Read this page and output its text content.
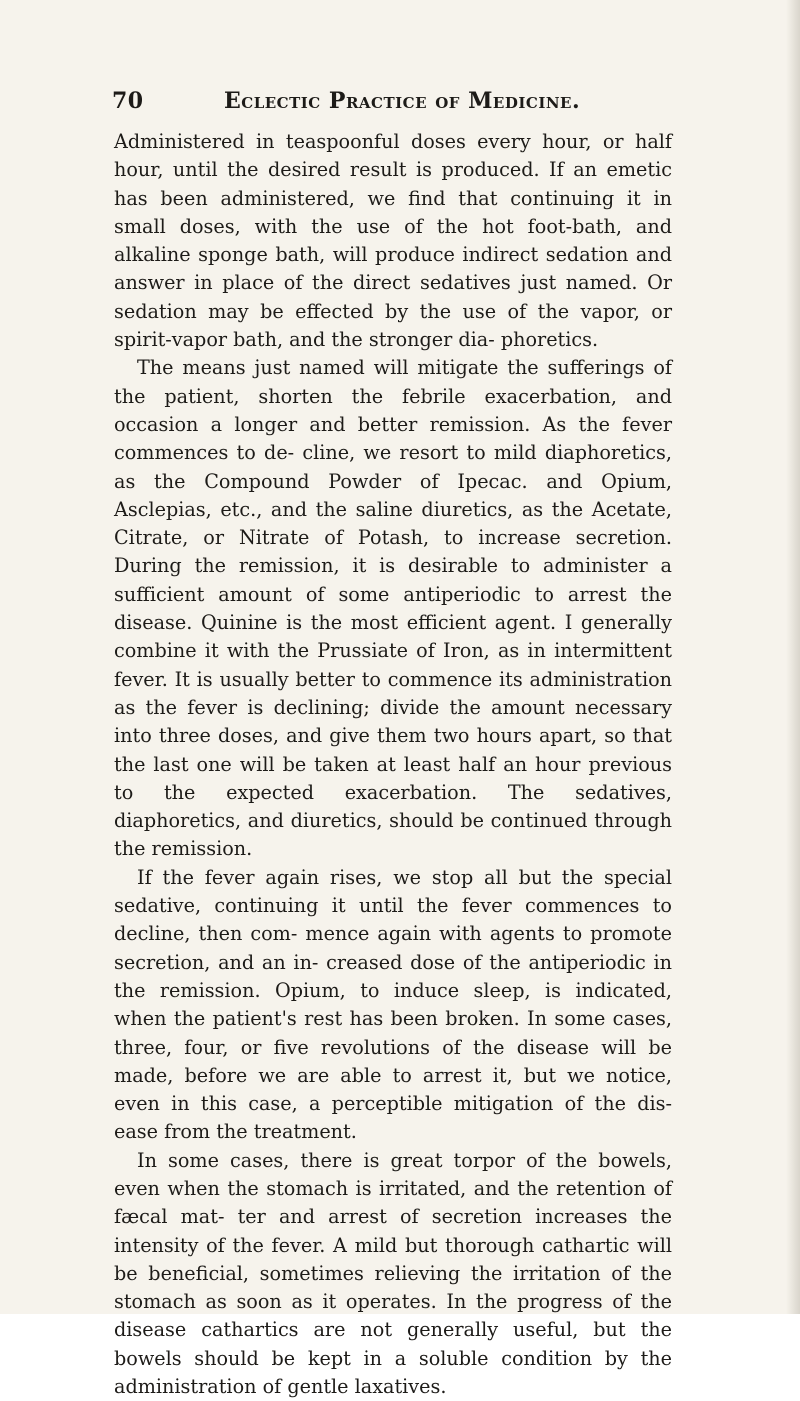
70	Eclectic Practice of Medicine.

Administered in teaspoonful doses every hour, or half hour, until the desired result is produced. If an emetic has been administered, we find that continuing it in small doses, with the use of the hot foot-bath, and alkaline sponge bath, will produce indirect sedation and answer in place of the direct sedatives just named. Or sedation may be effected by the use of the vapor, or spirit-vapor bath, and the stronger dia- phoretics.

The means just named will mitigate the sufferings of the patient, shorten the febrile exacerbation, and occasion a longer and better remission. As the fever commences to de- cline, we resort to mild diaphoretics, as the Compound Powder of Ipecac. and Opium, Asclepias, etc., and the saline diuretics, as the Acetate, Citrate, or Nitrate of Potash, to increase secretion. During the remission, it is desirable to administer a sufficient amount of some antiperiodic to arrest the disease. Quinine is the most efficient agent. I generally combine it with the Prussiate of Iron, as in intermittent fever. It is usually better to commence its administration as the fever is declining; divide the amount necessary into three doses, and give them two hours apart, so that the last one will be taken at least half an hour previous to the expected exacerbation. The sedatives, diaphoretics, and diuretics, should be continued through the remission.

If the fever again rises, we stop all but the special sedative, continuing it until the fever commences to decline, then com- mence again with agents to promote secretion, and an in- creased dose of the antiperiodic in the remission. Opium, to induce sleep, is indicated, when the patient's rest has been broken. In some cases, three, four, or five revolutions of the disease will be made, before we are able to arrest it, but we notice, even in this case, a perceptible mitigation of the dis- ease from the treatment.

In some cases, there is great torpor of the bowels, even when the stomach is irritated, and the retention of fæcal mat- ter and arrest of secretion increases the intensity of the fever. A mild but thorough cathartic will be beneficial, sometimes relieving the irritation of the stomach as soon as it operates. In the progress of the disease cathartics are not generally useful, but the bowels should be kept in a soluble condition by the administration of gentle laxatives.
